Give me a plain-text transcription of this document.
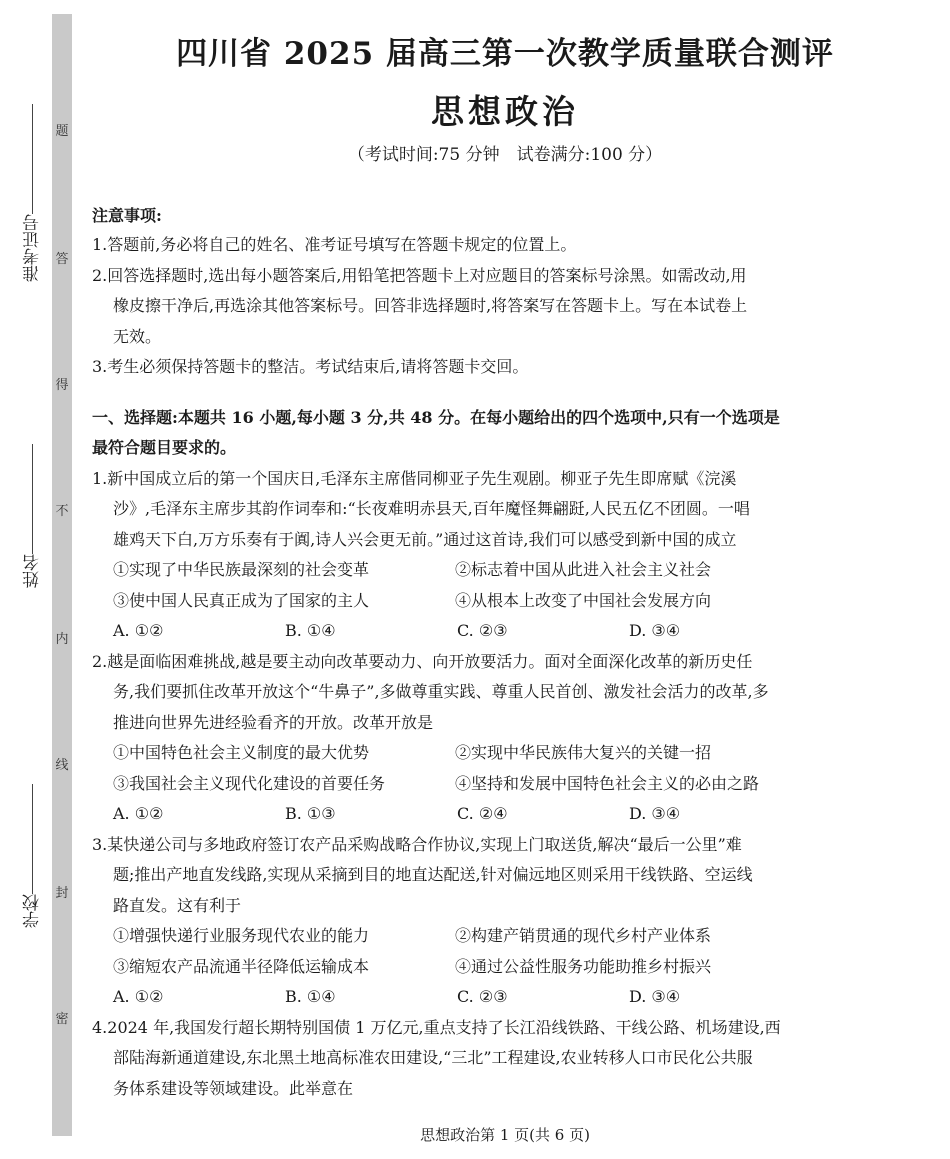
题
答
得
不
内
线
封
密
准考证号
姓名
学校
四川省 2025 届高三第一次教学质量联合测评
思想政治
（考试时间:75 分钟　试卷满分:100 分）
注意事项:
1.答题前,务必将自己的姓名、准考证号填写在答题卡规定的位置上。
2.回答选择题时,选出每小题答案后,用铅笔把答题卡上对应题目的答案标号涂黑。如需改动,用
橡皮擦干净后,再选涂其他答案标号。回答非选择题时,将答案写在答题卡上。写在本试卷上
无效。
3.考生必须保持答题卡的整洁。考试结束后,请将答题卡交回。
一、选择题:本题共 16 小题,每小题 3 分,共 48 分。在每小题给出的四个选项中,只有一个选项是
最符合题目要求的。
1.新中国成立后的第一个国庆日,毛泽东主席偕同柳亚子先生观剧。柳亚子先生即席赋《浣溪
沙》,毛泽东主席步其韵作词奉和:“长夜难明赤县天,百年魔怪舞翩跹,人民五亿不团圆。一唱
雄鸡天下白,万方乐奏有于阗,诗人兴会更无前。”通过这首诗,我们可以感受到新中国的成立
①实现了中华民族最深刻的社会变革	②标志着中国从此进入社会主义社会
③使中国人民真正成为了国家的主人	④从根本上改变了中国社会发展方向
A. ①②	B. ①④	C. ②③	D. ③④
2.越是面临困难挑战,越是要主动向改革要动力、向开放要活力。面对全面深化改革的新历史任
务,我们要抓住改革开放这个“牛鼻子”,多做尊重实践、尊重人民首创、激发社会活力的改革,多
推进向世界先进经验看齐的开放。改革开放是
①中国特色社会主义制度的最大优势	②实现中华民族伟大复兴的关键一招
③我国社会主义现代化建设的首要任务	④坚持和发展中国特色社会主义的必由之路
A. ①②	B. ①③	C. ②④	D. ③④
3.某快递公司与多地政府签订农产品采购战略合作协议,实现上门取送货,解决“最后一公里”难
题;推出产地直发线路,实现从采摘到目的地直达配送,针对偏远地区则采用干线铁路、空运线
路直发。这有利于
①增强快递行业服务现代农业的能力	②构建产销贯通的现代乡村产业体系
③缩短农产品流通半径降低运输成本	④通过公益性服务功能助推乡村振兴
A. ①②	B. ①④	C. ②③	D. ③④
4.2024 年,我国发行超长期特别国债 1 万亿元,重点支持了长江沿线铁路、干线公路、机场建设,西
部陆海新通道建设,东北黑土地高标准农田建设,“三北”工程建设,农业转移人口市民化公共服
务体系建设等领域建设。此举意在
思想政治第 1 页(共 6 页)
